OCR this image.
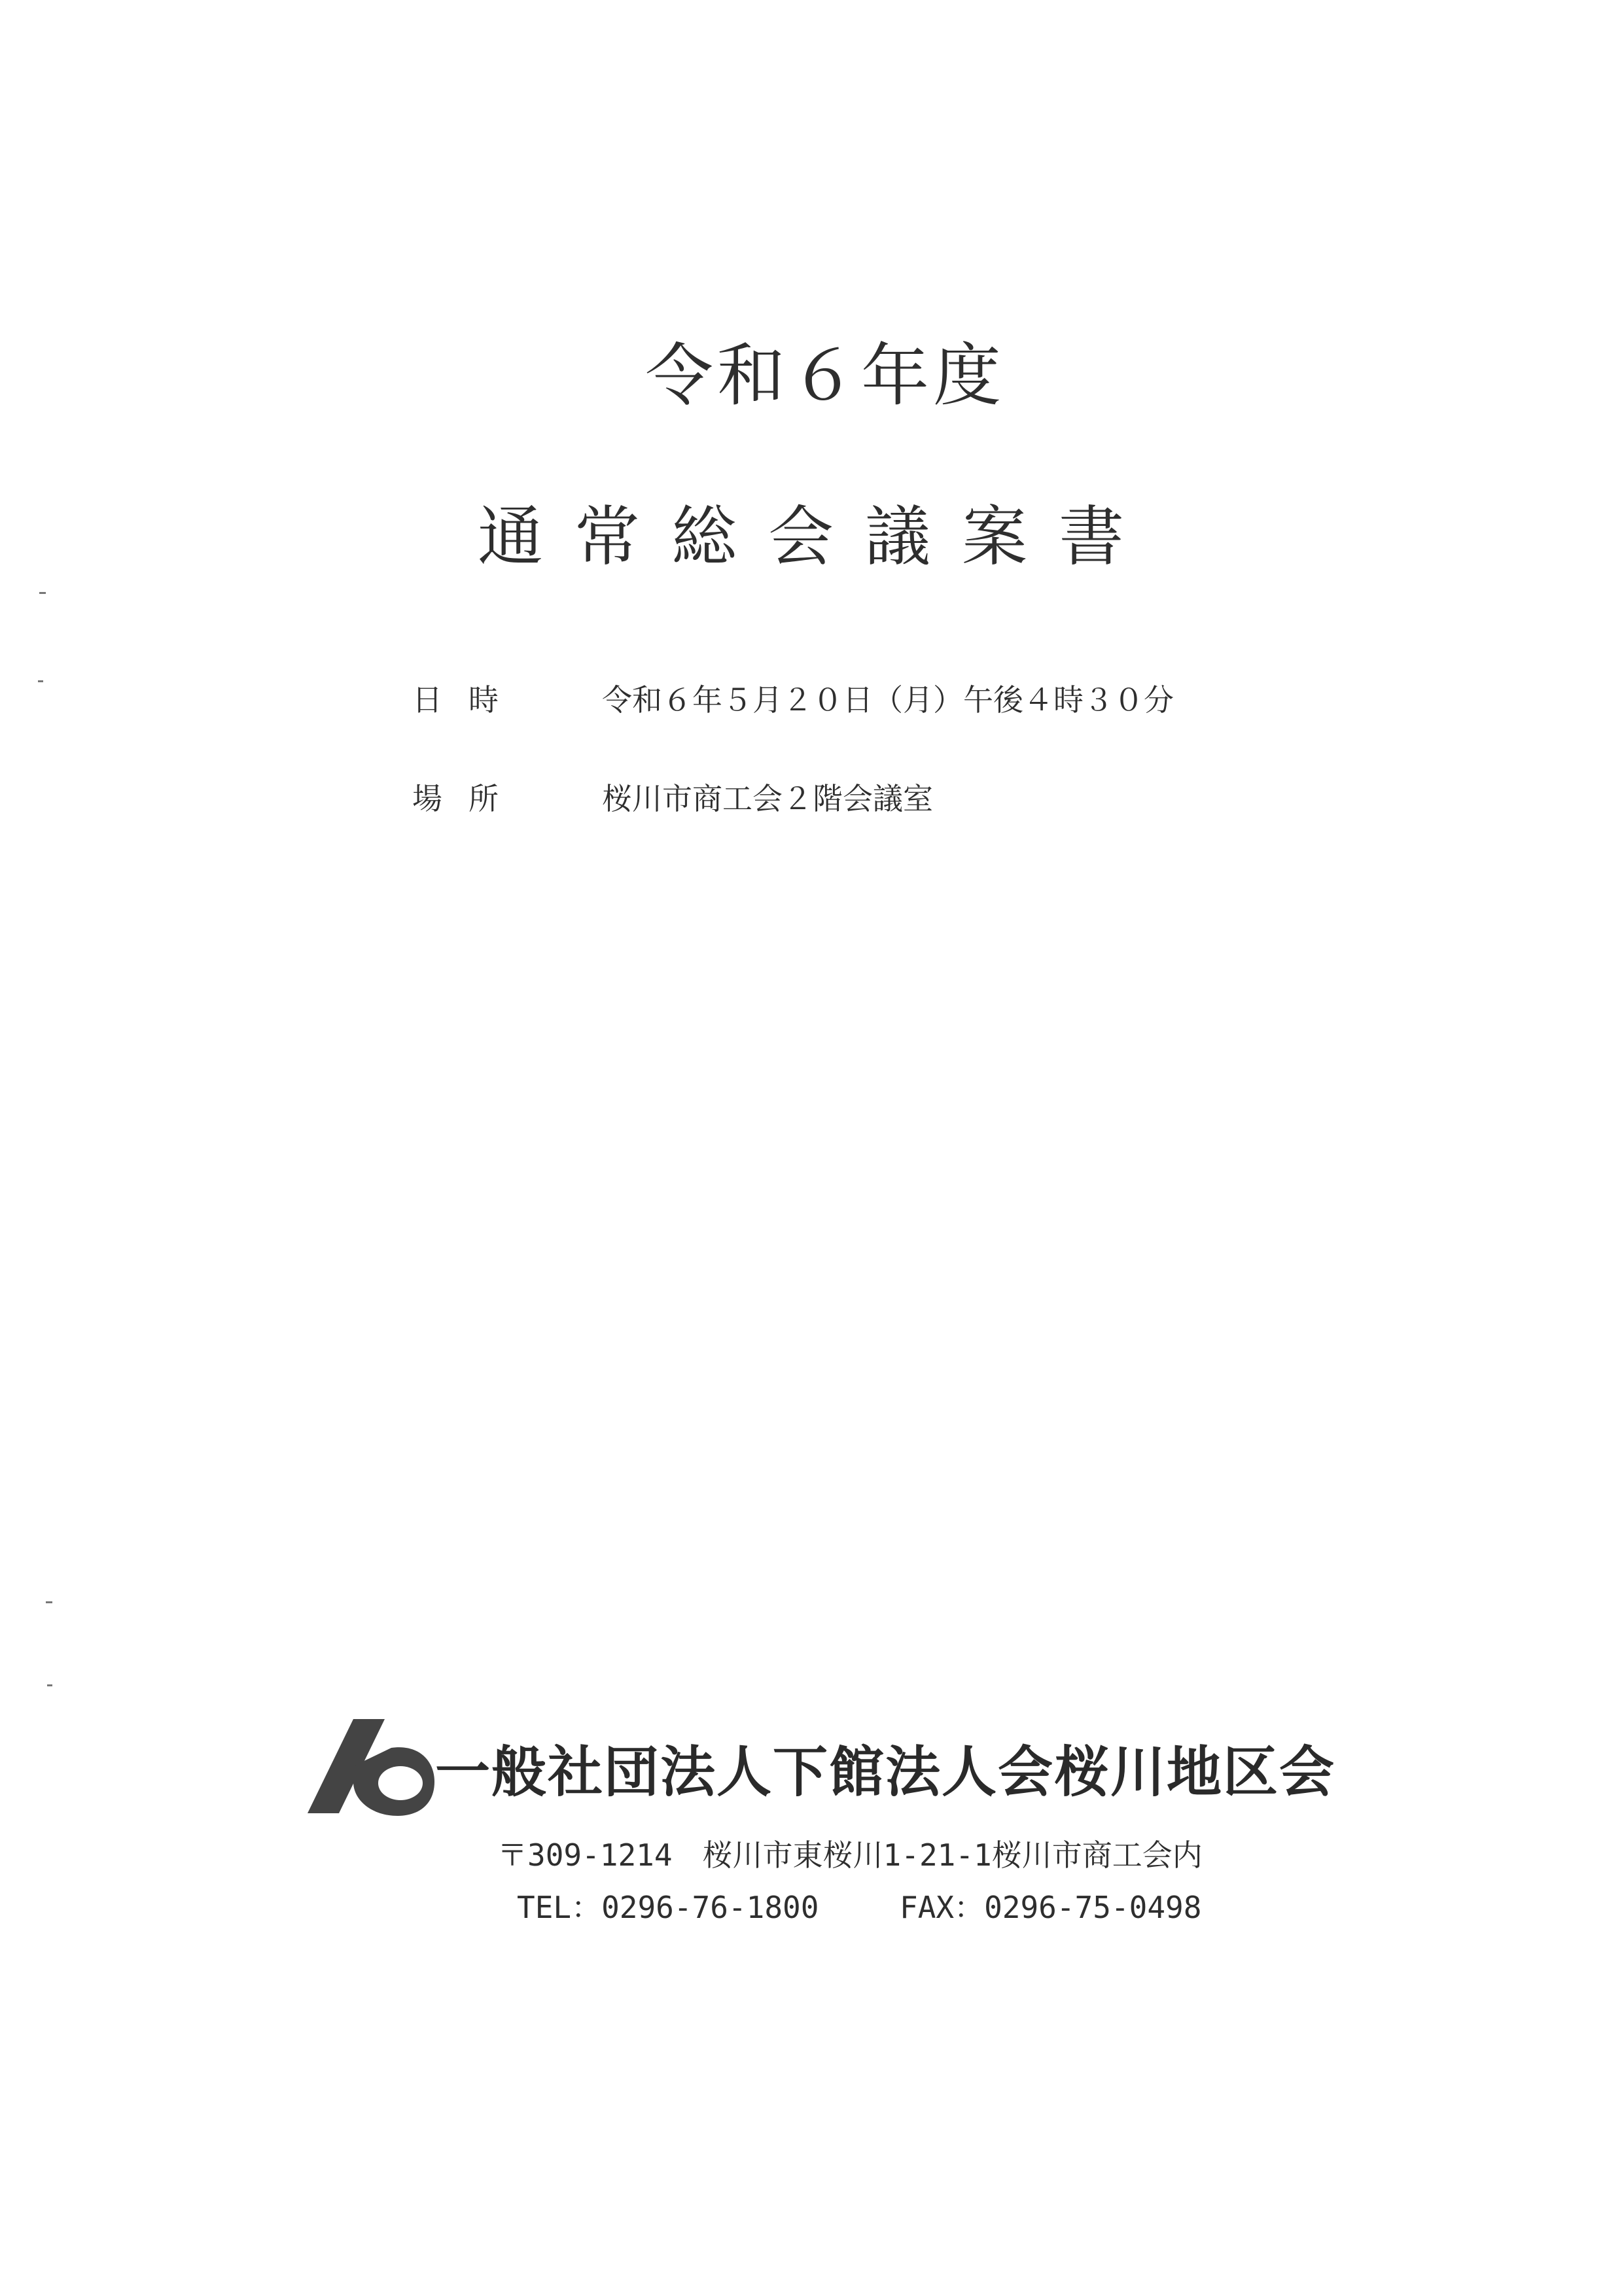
令和６年度
通常総会議案書
日時	令和６年５月２０日（月）午後４時３０分
場所	桜川市商工会２階会議室
一般社団法人下館法人会桜川地区会
〒309-1214　桜川市東桜川1-21-1桜川市商工会内
TEL：0296-76-1800	FAX：0296-75-0498
